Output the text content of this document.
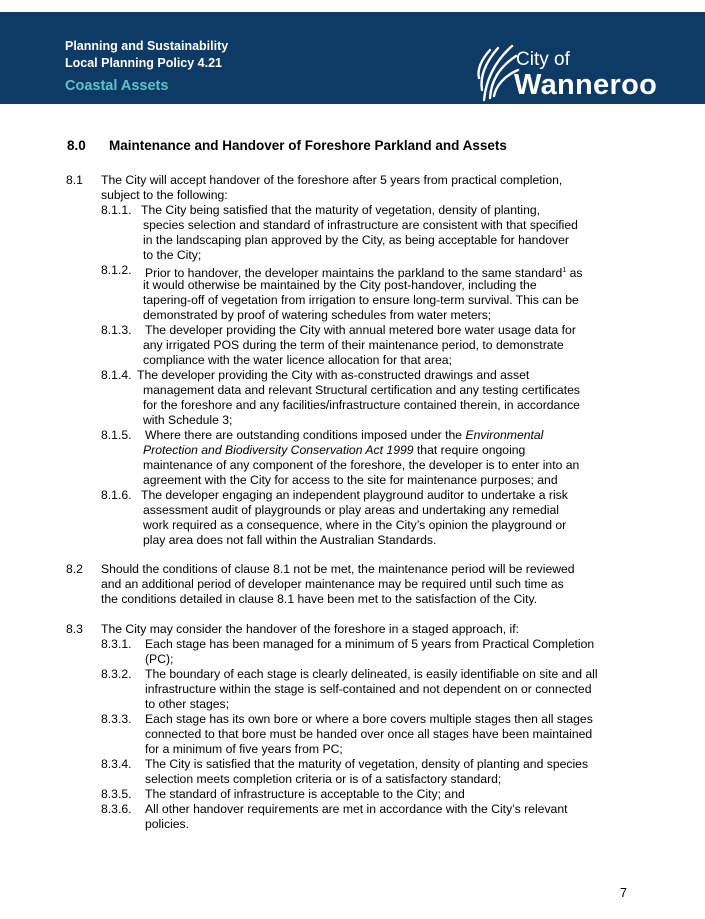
Planning and Sustainability
Local Planning Policy 4.21
Coastal Assets
City of
Wanneroo
8.0 Maintenance and Handover of Foreshore Parkland and Assets
8.1 The City will accept handover of the foreshore after 5 years from practical completion,
subject to the following:
8.1.1. The City being satisfied that the maturity of vegetation, density of planting,
species selection and standard of infrastructure are consistent with that specified
in the landscaping plan approved by the City, as being acceptable for handover
to the City;
8.1.2. Prior to handover, the developer maintains the parkland to the same standard$^1$ as
it would otherwise be maintained by the City post-handover, including the
tapering-off of vegetation from irrigation to ensure long-term survival. This can be
demonstrated by proof of watering schedules from water meters;
8.1.3. The developer providing the City with annual metered bore water usage data for
any irrigated POS during the term of their maintenance period, to demonstrate
compliance with the water licence allocation for that area;
8.1.4. The developer providing the City with as-constructed drawings and asset
management data and relevant Structural certification and any testing certificates
for the foreshore and any facilities/infrastructure contained therein, in accordance
with Schedule 3;
8.1.5. Where there are outstanding conditions imposed under the Environmental
Protection and Biodiversity Conservation Act 1999 that require ongoing
maintenance of any component of the foreshore, the developer is to enter into an
agreement with the City for access to the site for maintenance purposes; and
8.1.6. The developer engaging an independent playground auditor to undertake a risk
assessment audit of playgrounds or play areas and undertaking any remedial
work required as a consequence, where in the City’s opinion the playground or
play area does not fall within the Australian Standards.
8.2 Should the conditions of clause 8.1 not be met, the maintenance period will be reviewed
and an additional period of developer maintenance may be required until such time as
the conditions detailed in clause 8.1 have been met to the satisfaction of the City.
8.3 The City may consider the handover of the foreshore in a staged approach, if:
8.3.1. Each stage has been managed for a minimum of 5 years from Practical Completion
(PC);
8.3.2. The boundary of each stage is clearly delineated, is easily identifiable on site and all
infrastructure within the stage is self-contained and not dependent on or connected
to other stages;
8.3.3. Each stage has its own bore or where a bore covers multiple stages then all stages
connected to that bore must be handed over once all stages have been maintained
for a minimum of five years from PC;
8.3.4. The City is satisfied that the maturity of vegetation, density of planting and species
selection meets completion criteria or is of a satisfactory standard;
8.3.5. The standard of infrastructure is acceptable to the City; and
8.3.6. All other handover requirements are met in accordance with the City’s relevant
policies.
7
